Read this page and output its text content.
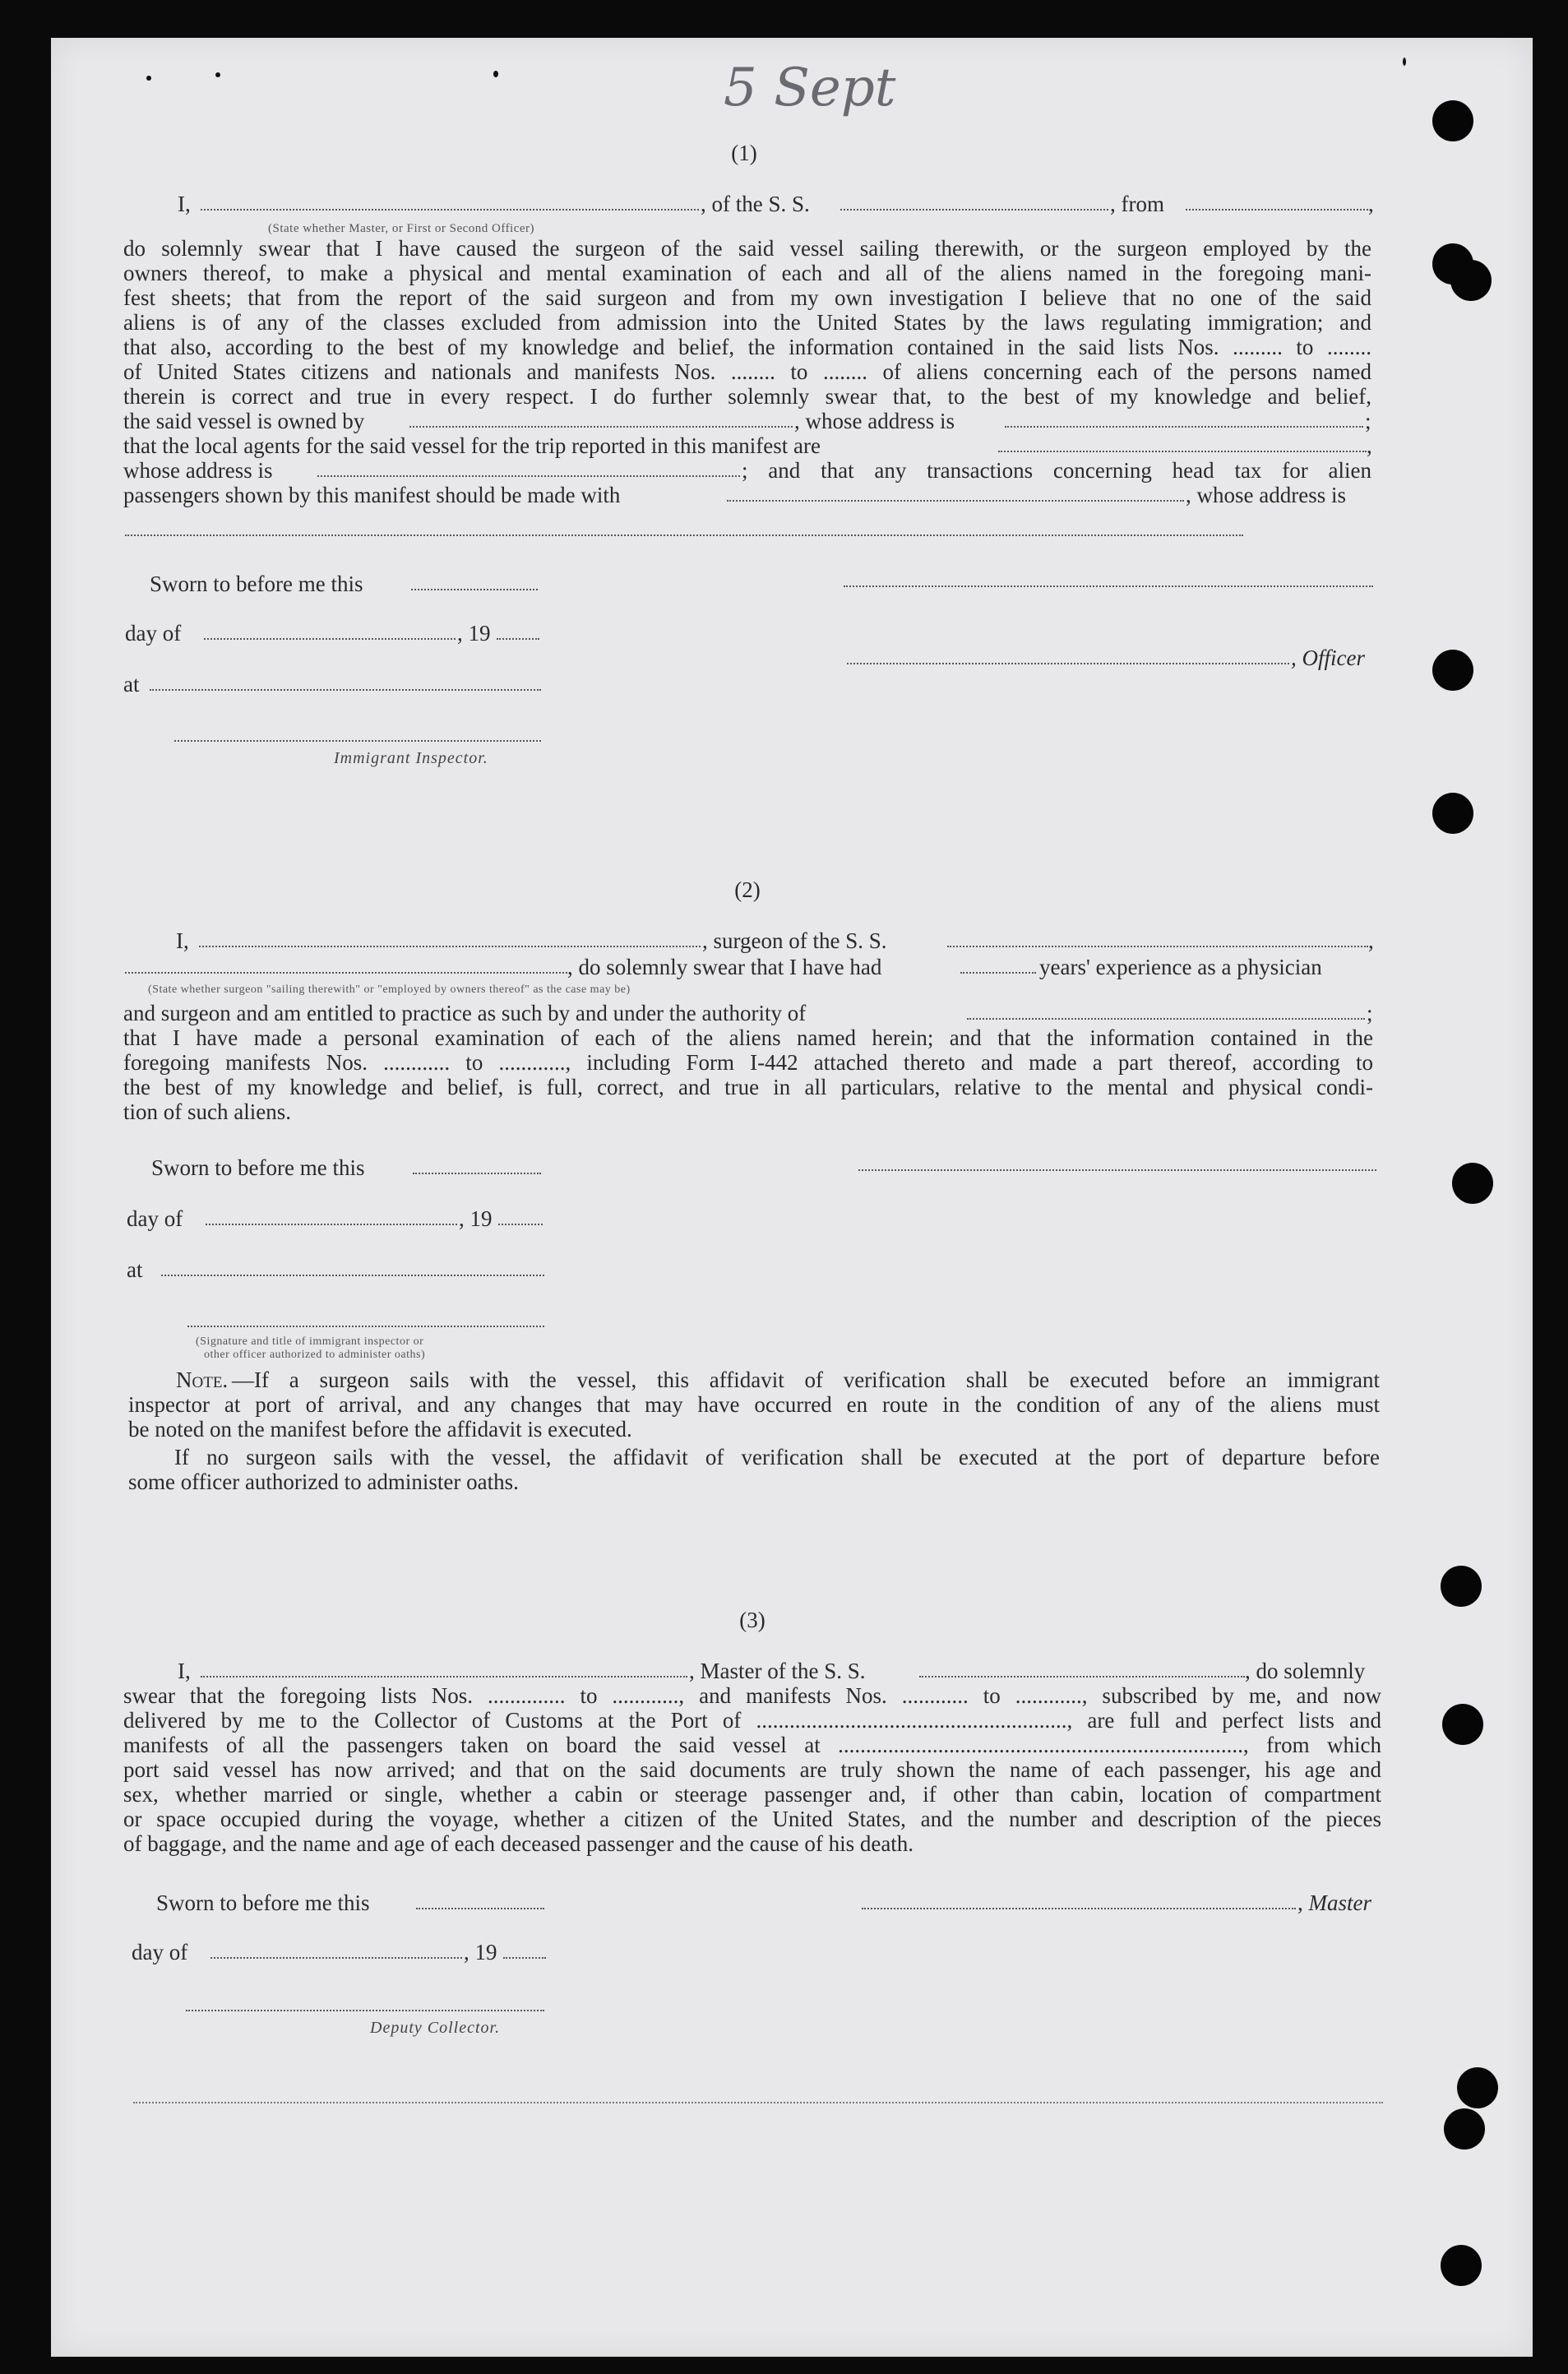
5 Sept
(1)
I,	, of the S. S.	, from	,
(State whether Master, or First or Second Officer)
do solemnly swear that I have caused the surgeon of the said vessel sailing therewith, or the surgeon employed by the
owners thereof, to make a physical and mental examination of each and all of the aliens named in the foregoing mani-
fest sheets; that from the report of the said surgeon and from my own investigation I believe that no one of the said
aliens is of any of the classes excluded from admission into the United States by the laws regulating immigration; and
that also, according to the best of my knowledge and belief, the information contained in the said lists Nos. ......... to ........
of United States citizens and nationals and manifests Nos. ........ to ........ of aliens concerning each of the persons named
therein is correct and true in every respect. I do further solemnly swear that, to the best of my knowledge and belief,
the said vessel is owned by	, whose address is	;
that the local agents for the said vessel for the trip reported in this manifest are	,
whose address is	; and that any transactions concerning head tax for alien
passengers shown by this manifest should be made with	, whose address is
Sworn to before me this
day of	, 19
, Officer
at
Immigrant Inspector.
(2)
I,	, surgeon of the S. S.	,
, do solemnly swear that I have had	years' experience as a physician
(State whether surgeon "sailing therewith" or "employed by owners thereof" as the case may be)
and surgeon and am entitled to practice as such by and under the authority of	;
that I have made a personal examination of each of the aliens named herein; and that the information contained in the
foregoing manifests Nos. ............ to ............, including Form I-442 attached thereto and made a part thereof, according to
the best of my knowledge and belief, is full, correct, and true in all particulars, relative to the mental and physical condi-
tion of such aliens.
Sworn to before me this
day of	, 19
at
(Signature and title of immigrant inspector or
other officer authorized to administer oaths)
Note. —If a surgeon sails with the vessel, this affidavit of verification shall be executed before an immigrant
inspector at port of arrival, and any changes that may have occurred en route in the condition of any of the aliens must
be noted on the manifest before the affidavit is executed.
If no surgeon sails with the vessel, the affidavit of verification shall be executed at the port of departure before
some officer authorized to administer oaths.
(3)
I,	, Master of the S. S.	, do solemnly
swear that the foregoing lists Nos. .............. to ............, and manifests Nos. ............ to ............, subscribed by me, and now
delivered by me to the Collector of Customs at the Port of ........................................................, are full and perfect lists and
manifests of all the passengers taken on board the said vessel at ........................................................................., from which
port said vessel has now arrived; and that on the said documents are truly shown the name of each passenger, his age and
sex, whether married or single, whether a cabin or steerage passenger and, if other than cabin, location of compartment
or space occupied during the voyage, whether a citizen of the United States, and the number and description of the pieces
of baggage, and the name and age of each deceased passenger and the cause of his death.
Sworn to before me this	, Master
day of	, 19
Deputy Collector.
